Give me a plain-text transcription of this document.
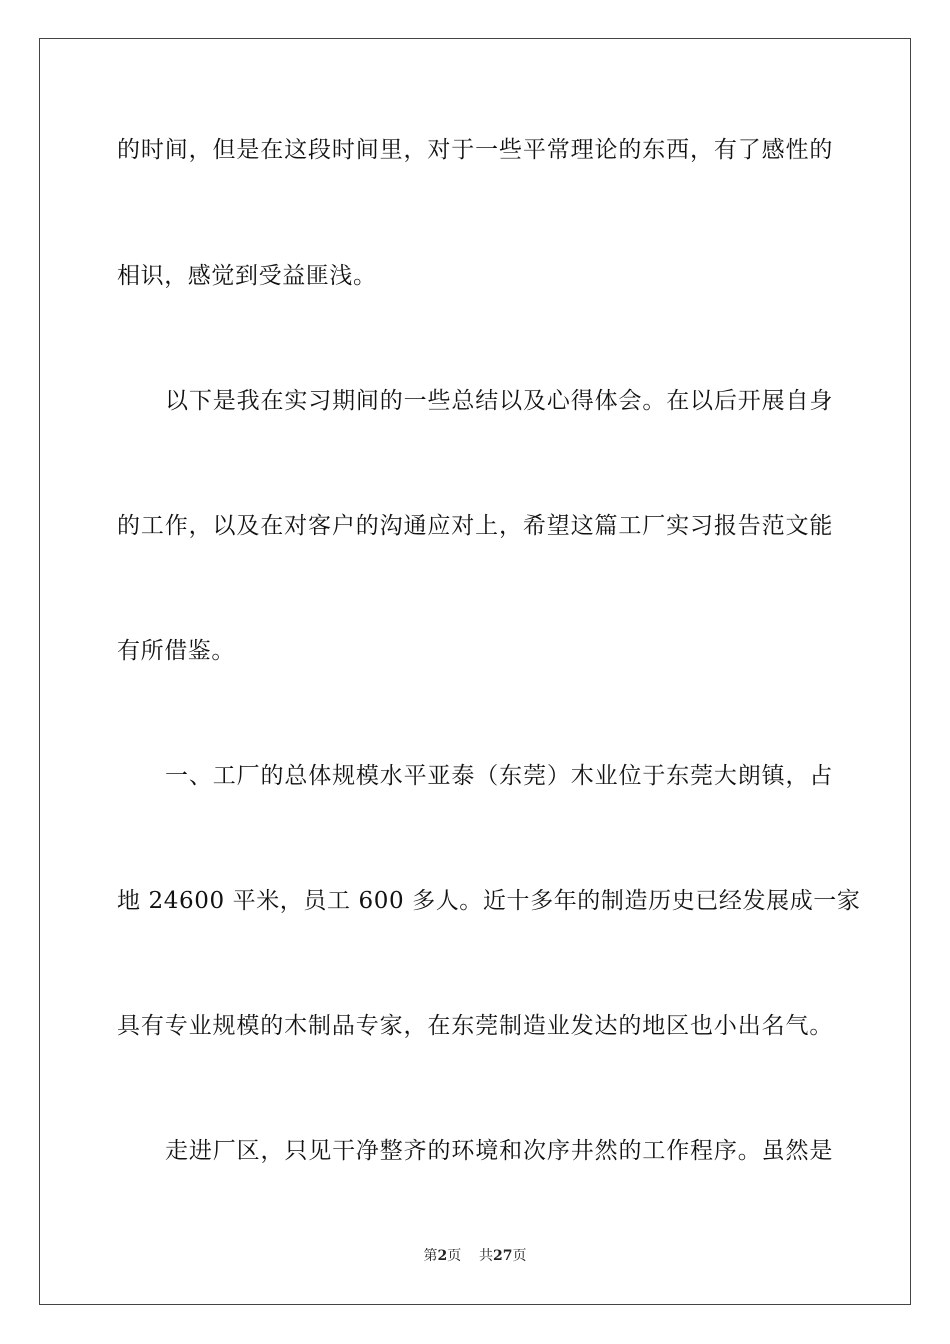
的时间，但是在这段时间里，对于一些平常理论的东西，有了感性的
相识，感觉到受益匪浅。
以下是我在实习期间的一些总结以及心得体会。在以后开展自身
的工作，以及在对客户的沟通应对上，希望这篇工厂实习报告范文能
有所借鉴。
一、工厂的总体规模水平亚泰（东莞）木业位于东莞大朗镇，占
地 24600 平米，员工 600 多人。近十多年的制造历史已经发展成一家
具有专业规模的木制品专家，在东莞制造业发达的地区也小出名气。
走进厂区，只见干净整齐的环境和次序井然的工作程序。虽然是
第2页 共27页
